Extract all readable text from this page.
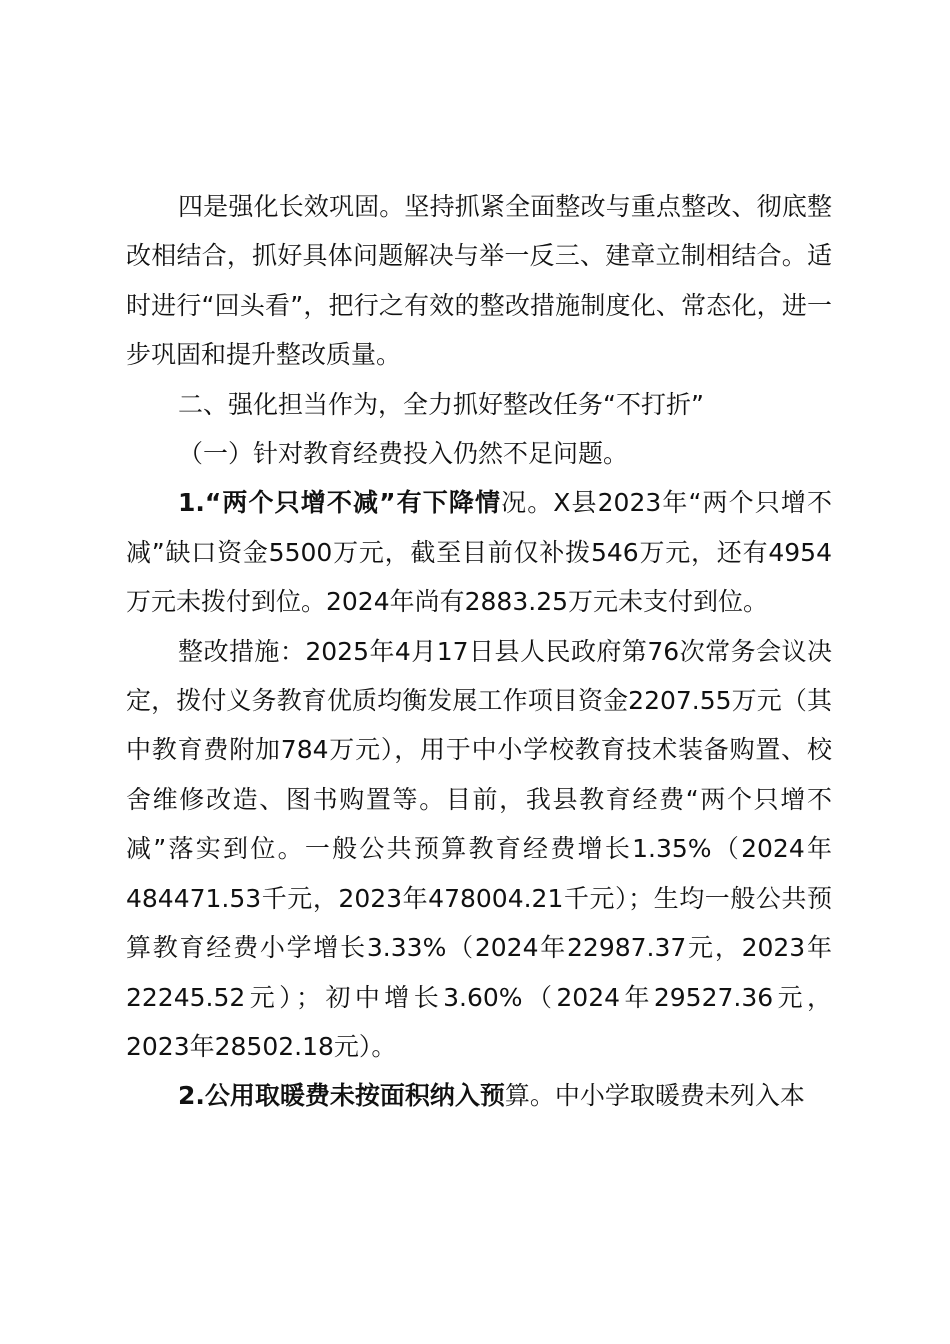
四是强化长效巩固。坚持抓紧全面整改与重点整改、彻底整改相结合，抓好具体问题解决与举一反三、建章立制相结合。适时进行“回头看”，把行之有效的整改措施制度化、常态化，进一步巩固和提升整改质量。

二、强化担当作为，全力抓好整改任务“不打折”

（一）针对教育经费投入仍然不足问题。

1.“两个只增不减”有下降情况。X县2023年“两个只增不减”缺口资金5500万元，截至目前仅补拨546万元，还有4954万元未拨付到位。2024年尚有2883.25万元未支付到位。

整改措施：2025年4月17日县人民政府第76次常务会议决定，拨付义务教育优质均衡发展工作项目资金2207.55万元（其中教育费附加784万元），用于中小学校教育技术装备购置、校舍维修改造、图书购置等。目前，我县教育经费“两个只增不减”落实到位。一般公共预算教育经费增长1.35%（2024年484471.53千元，2023年478004.21千元）；生均一般公共预算教育经费小学增长3.33%（2024年22987.37元，2023年22245.52元）；初中增长3.60%（2024年29527.36元，2023年28502.18元）。

2.公用取暖费未按面积纳入预算。中小学取暖费未列入本
